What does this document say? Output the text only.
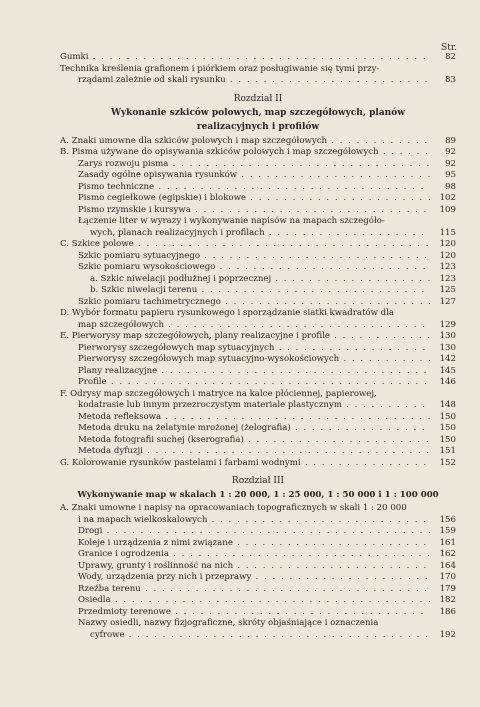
Str.
Gumki . . .	82
Technika kreślenia grafionem i piórkiem oraz posługiwanie się tymi przy-
rządami zależnie od skali rysunku . . .	83
Rozdział II
Wykonanie szkiców polowych, map szczegółowych, planów
realizacyjnych i profilów
A. Znaki umowne dla szkiców polowych i map szczegółowych . . .	89
B. Pisma używane do opisywania szkiców polowych i map szczegółowych . . .	92
Zarys rozwoju pisma . . .	92
Zasady ogólne opisywania rysunków . . .	95
Pismo techniczne . . .	98
Pismo cegiełkowe (egipskie) i blokowe . . .	102
Pismo rzymskie i kursywa . . .	109
Łączenie liter w wyrazy i wykonywanie napisów na mapach szczegóło-
wych, planach realizacyjnych i profilach . . .	115
C. Szkice polowe . . .	120
Szkic pomiaru sytuacyjnego . . .	120
Szkic pomiaru wysokościowego . . .	123
a. Szkic niwelacji podłużnej i poprzecznej . . .	123
b. Szkic niwelacji terenu . . .	125
Szkic pomiaru tachimetrycznego . . .	127
D. Wybór formatu papieru rysunkowego i sporządzanie siatki kwadratów dla
map szczegółowych . . .	129
E. Pierworysy map szczegółowych, plany realizacyjne i profile . . .	130
Pierworysy szczegółowych map sytuacyjnych . . .	130
Pierworysy szczegółowych map sytuacyjno-wysokościowych . . .	142
Plany realizacyjne . . .	145
Profile . . .	146
F. Odrysy map szczegółowych i matryce na kalce płóciennej, papierowej,
kodatrasie lub innym przezroczystym materiale plastycznym . . .	148
Metoda refleksowa . . .	150
Metoda druku na żelatynie mrożonej (żelografia) . . .	150
Metoda fotografii suchej (kserografia) . . .	150
Metoda dyfuzji . . .	151
G. Kolorowanie rysunków pastelami i farbami wodnymi . . .	152
Rozdział III
Wykonywanie map w skalach 1 : 20 000, 1 : 25 000, 1 : 50 000 i 1 : 100 000
A. Znaki umowne i napisy na opracowaniach topograficznych w skali 1 : 20 000
i na mapach wielkoskalowych . . .	156
Drogi . . .	159
Koleje i urządzenia z nimi związane . . .	161
Granice i ogrodzenia . . .	162
Uprawy, grunty i roślinność na nich . . .	164
Wody, urządzenia przy nich i przeprawy . . .	170
Rzeźba terenu . . .	179
Osiedla . . .	182
Przedmioty terenowe . . .	186
Nazwy osiedli, nazwy fizjograficzne, skróty objaśniające i oznaczenia
cyfrowe . . .	192
